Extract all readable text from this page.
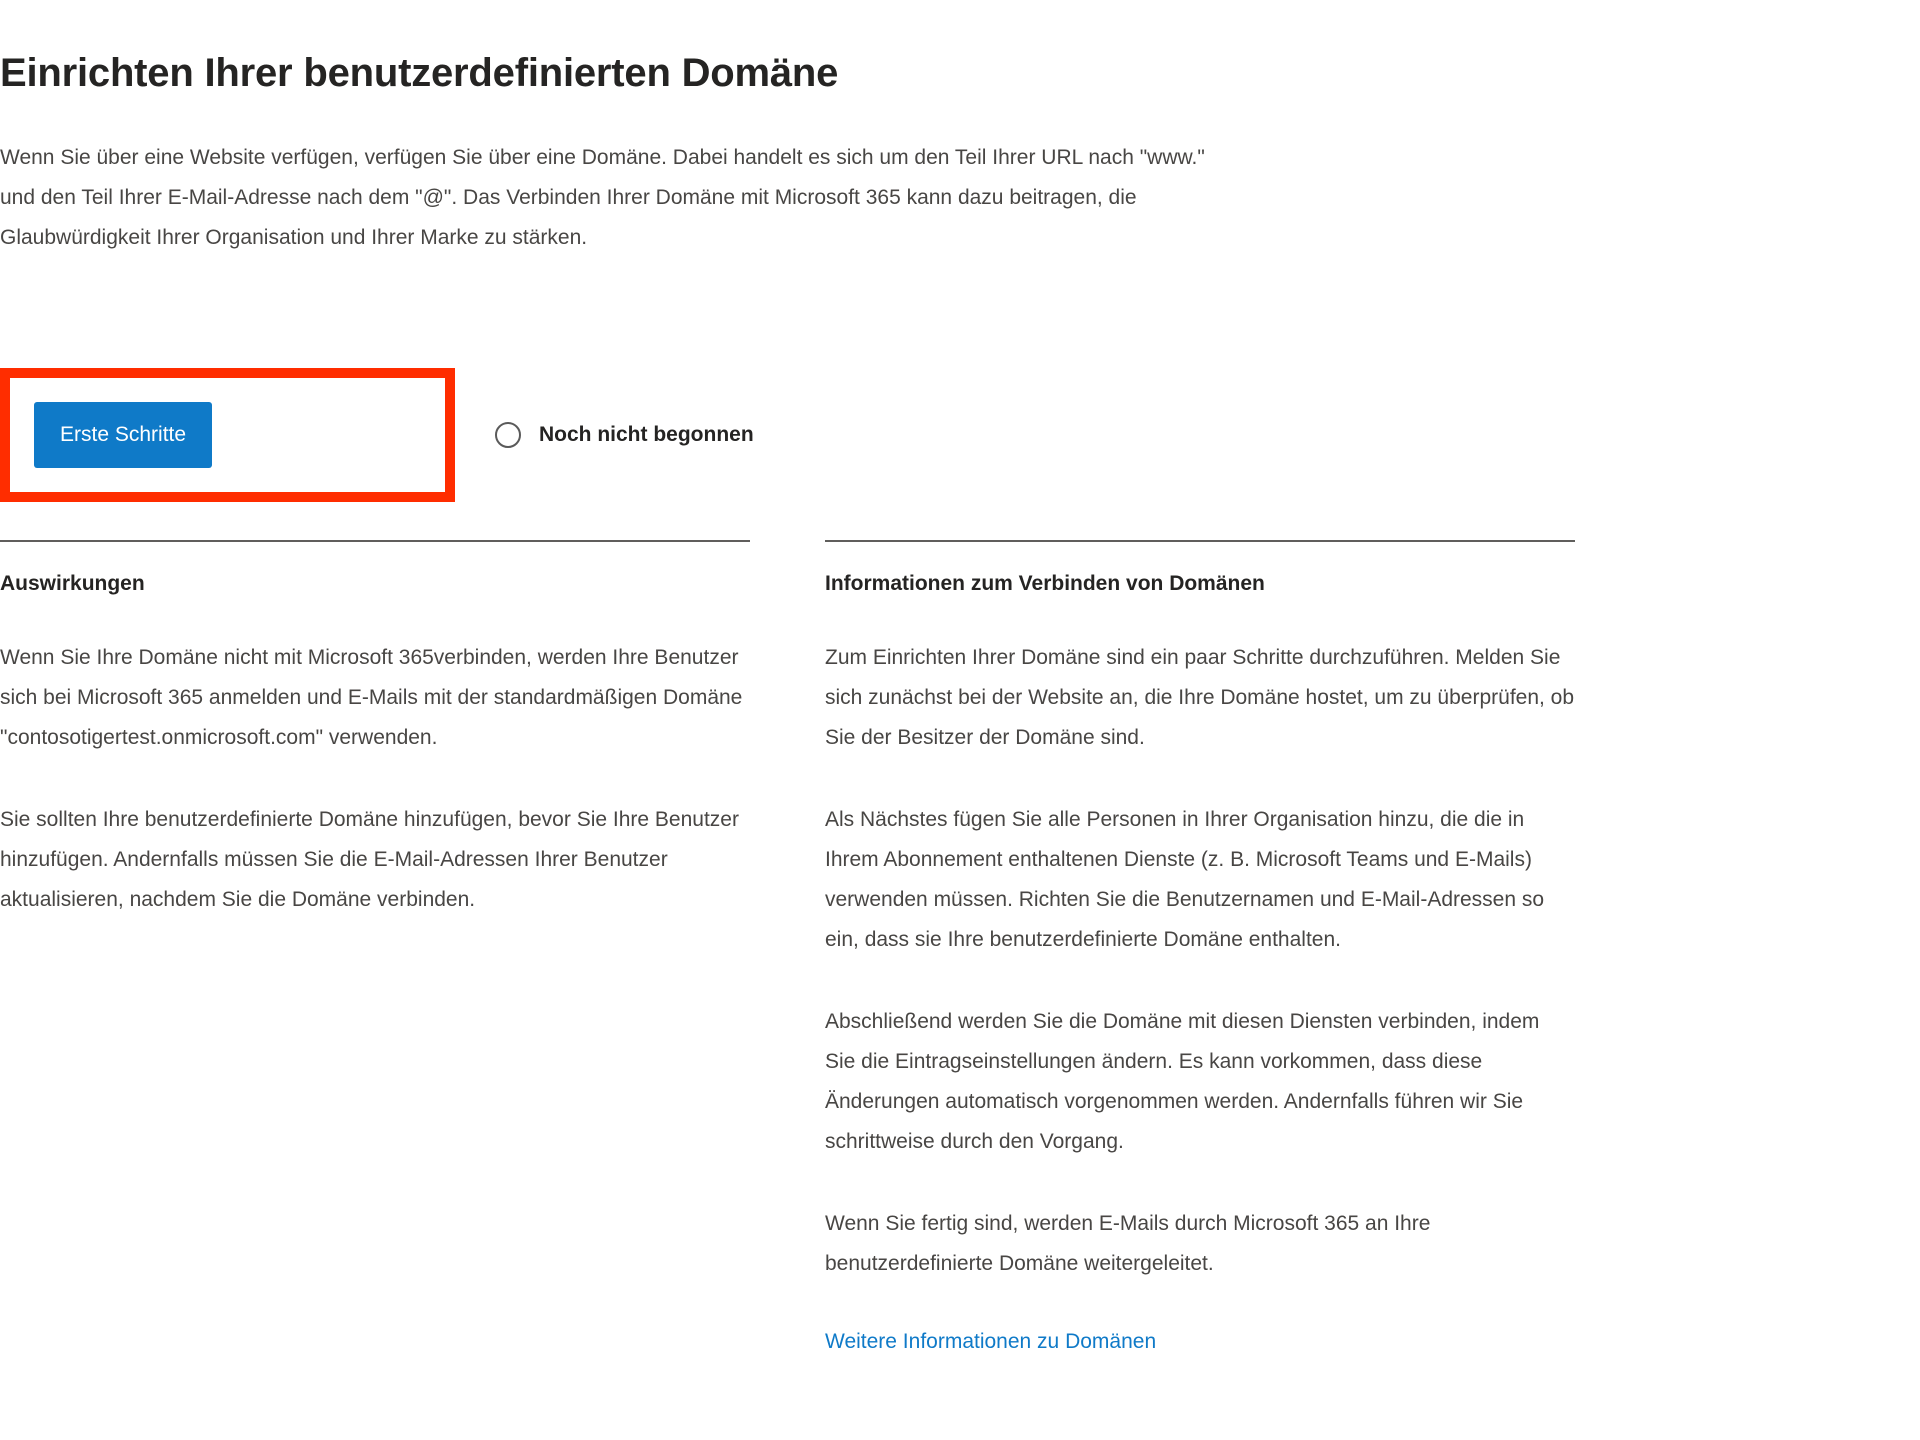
Einrichten Ihrer benutzerdefinierten Domäne

Wenn Sie über eine Website verfügen, verfügen Sie über eine Domäne. Dabei handelt es sich um den Teil Ihrer URL nach "www." und den Teil Ihrer E-Mail-Adresse nach dem "@". Das Verbinden Ihrer Domäne mit Microsoft 365 kann dazu beitragen, die Glaubwürdigkeit Ihrer Organisation und Ihrer Marke zu stärken.

Erste Schritte	Noch nicht begonnen
Auswirkungen

Wenn Sie Ihre Domäne nicht mit Microsoft 365verbinden, werden Ihre Benutzer sich bei Microsoft 365 anmelden und E-Mails mit der standardmäßigen Domäne "contosotigertest.onmicrosoft.com" verwenden.

Sie sollten Ihre benutzerdefinierte Domäne hinzufügen, bevor Sie Ihre Benutzer hinzufügen. Andernfalls müssen Sie die E-Mail-Adressen Ihrer Benutzer aktualisieren, nachdem Sie die Domäne verbinden.

Informationen zum Verbinden von Domänen

Zum Einrichten Ihrer Domäne sind ein paar Schritte durchzuführen. Melden Sie sich zunächst bei der Website an, die Ihre Domäne hostet, um zu überprüfen, ob Sie der Besitzer der Domäne sind.

Als Nächstes fügen Sie alle Personen in Ihrer Organisation hinzu, die die in Ihrem Abonnement enthaltenen Dienste (z. B. Microsoft Teams und E-Mails) verwenden müssen. Richten Sie die Benutzernamen und E-Mail-Adressen so ein, dass sie Ihre benutzerdefinierte Domäne enthalten.

Abschließend werden Sie die Domäne mit diesen Diensten verbinden, indem Sie die Eintragseinstellungen ändern. Es kann vorkommen, dass diese Änderungen automatisch vorgenommen werden. Andernfalls führen wir Sie schrittweise durch den Vorgang.

Wenn Sie fertig sind, werden E-Mails durch Microsoft 365 an Ihre benutzerdefinierte Domäne weitergeleitet.

Weitere Informationen zu Domänen
